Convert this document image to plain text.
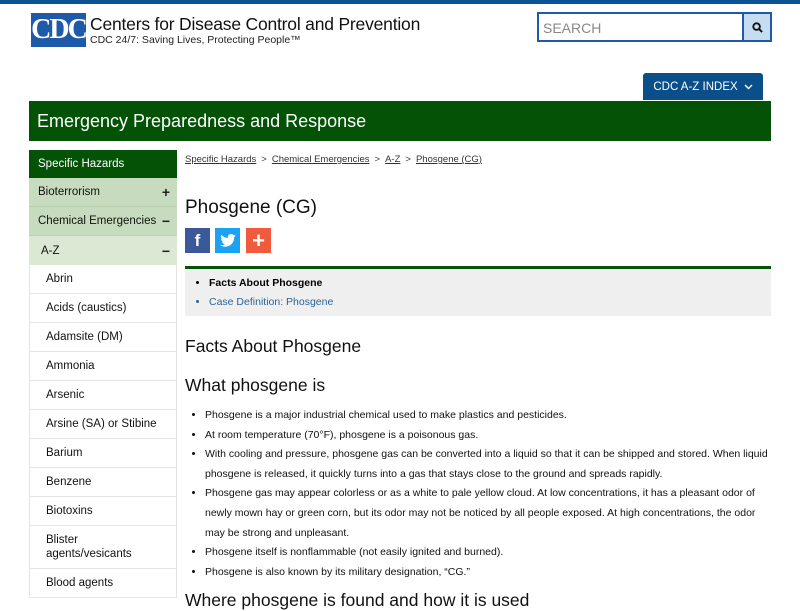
CDC Centers for Disease Control and Prevention
CDC 24/7: Saving Lives, Protecting People™
SEARCH
CDC A-Z INDEX
Emergency Preparedness and Response
Specific Hazards
Bioterrorism	+
Chemical Emergencies −
A-Z	−
Abrin
Acids (caustics)
Adamsite (DM)
Ammonia
Arsenic
Arsine (SA) or Stibine
Barium
Benzene
Biotoxins
Blister agents/vesicants
Blood agents
Specific Hazards > Chemical Emergencies > A-Z > Phosgene (CG)
Phosgene (CG)
f +
• Facts About Phosgene
• Case Definition: Phosgene
Facts About Phosgene
What phosgene is
• Phosgene is a major industrial chemical used to make plastics and pesticides.
• At room temperature (70°F), phosgene is a poisonous gas.
• With cooling and pressure, phosgene gas can be converted into a liquid so that it can be shipped and stored. When liquid phosgene is released, it quickly turns into a gas that stays close to the ground and spreads rapidly.
• Phosgene gas may appear colorless or as a white to pale yellow cloud. At low concentrations, it has a pleasant odor of newly mown hay or green corn, but its odor may not be noticed by all people exposed. At high concentrations, the odor may be strong and unpleasant.
• Phosgene itself is nonflammable (not easily ignited and burned).
• Phosgene is also known by its military designation, “CG.”
Where phosgene is found and how it is used
